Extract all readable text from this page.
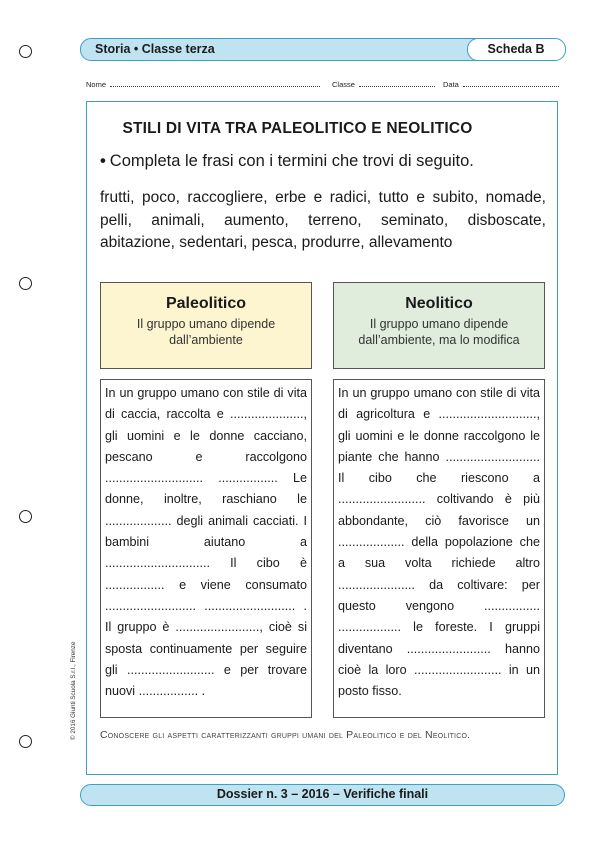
Storia • Classe terza	Scheda B
Nome	Classe	Data
STILI DI VITA TRA PALEOLITICO E NEOLITICO
• Completa le frasi con i termini che trovi di seguito.
frutti, poco, raccogliere, erbe e radici, tutto e subito, nomade, pelli, animali, aumento, terreno, seminato, disboscate, abitazione, sedentari, pesca, produrre, allevamento
Paleolitico
Il gruppo umano dipende
dall’ambiente
Neolitico
Il gruppo umano dipende
dall’ambiente, ma lo modifica
In un gruppo umano con stile di vita di caccia, raccolta e ....................., gli uomini e le donne cacciano, pescano e raccolgono ............................ ................. Le donne, inoltre, raschiano le ................... degli animali cacciati. I bambini aiutano a .............................. Il cibo è ................. e viene consumato .......................... .......................... . Il gruppo è ........................, cioè si sposta continuamente per seguire gli ......................... e per trovare nuovi ................. .
In un gruppo umano con stile di vita di agricoltura e ............................, gli uomini e le donne raccolgono le piante che hanno ........................... Il cibo che riescono a ......................... coltivando è più abbondante, ciò favorisce un ................... della popolazione che a sua volta richiede altro ...................... da coltivare: per questo vengono ................ .................. le foreste. I gruppi diventano ........................ hanno cioè la loro ......................... in un posto fisso.
Conoscere gli aspetti caratterizzanti gruppi umani del Paleolitico e del Neolitico.
Dossier n. 3 – 2016 – Verifiche finali
© 2016 Giunti Scuola S.r.l., Firenze
